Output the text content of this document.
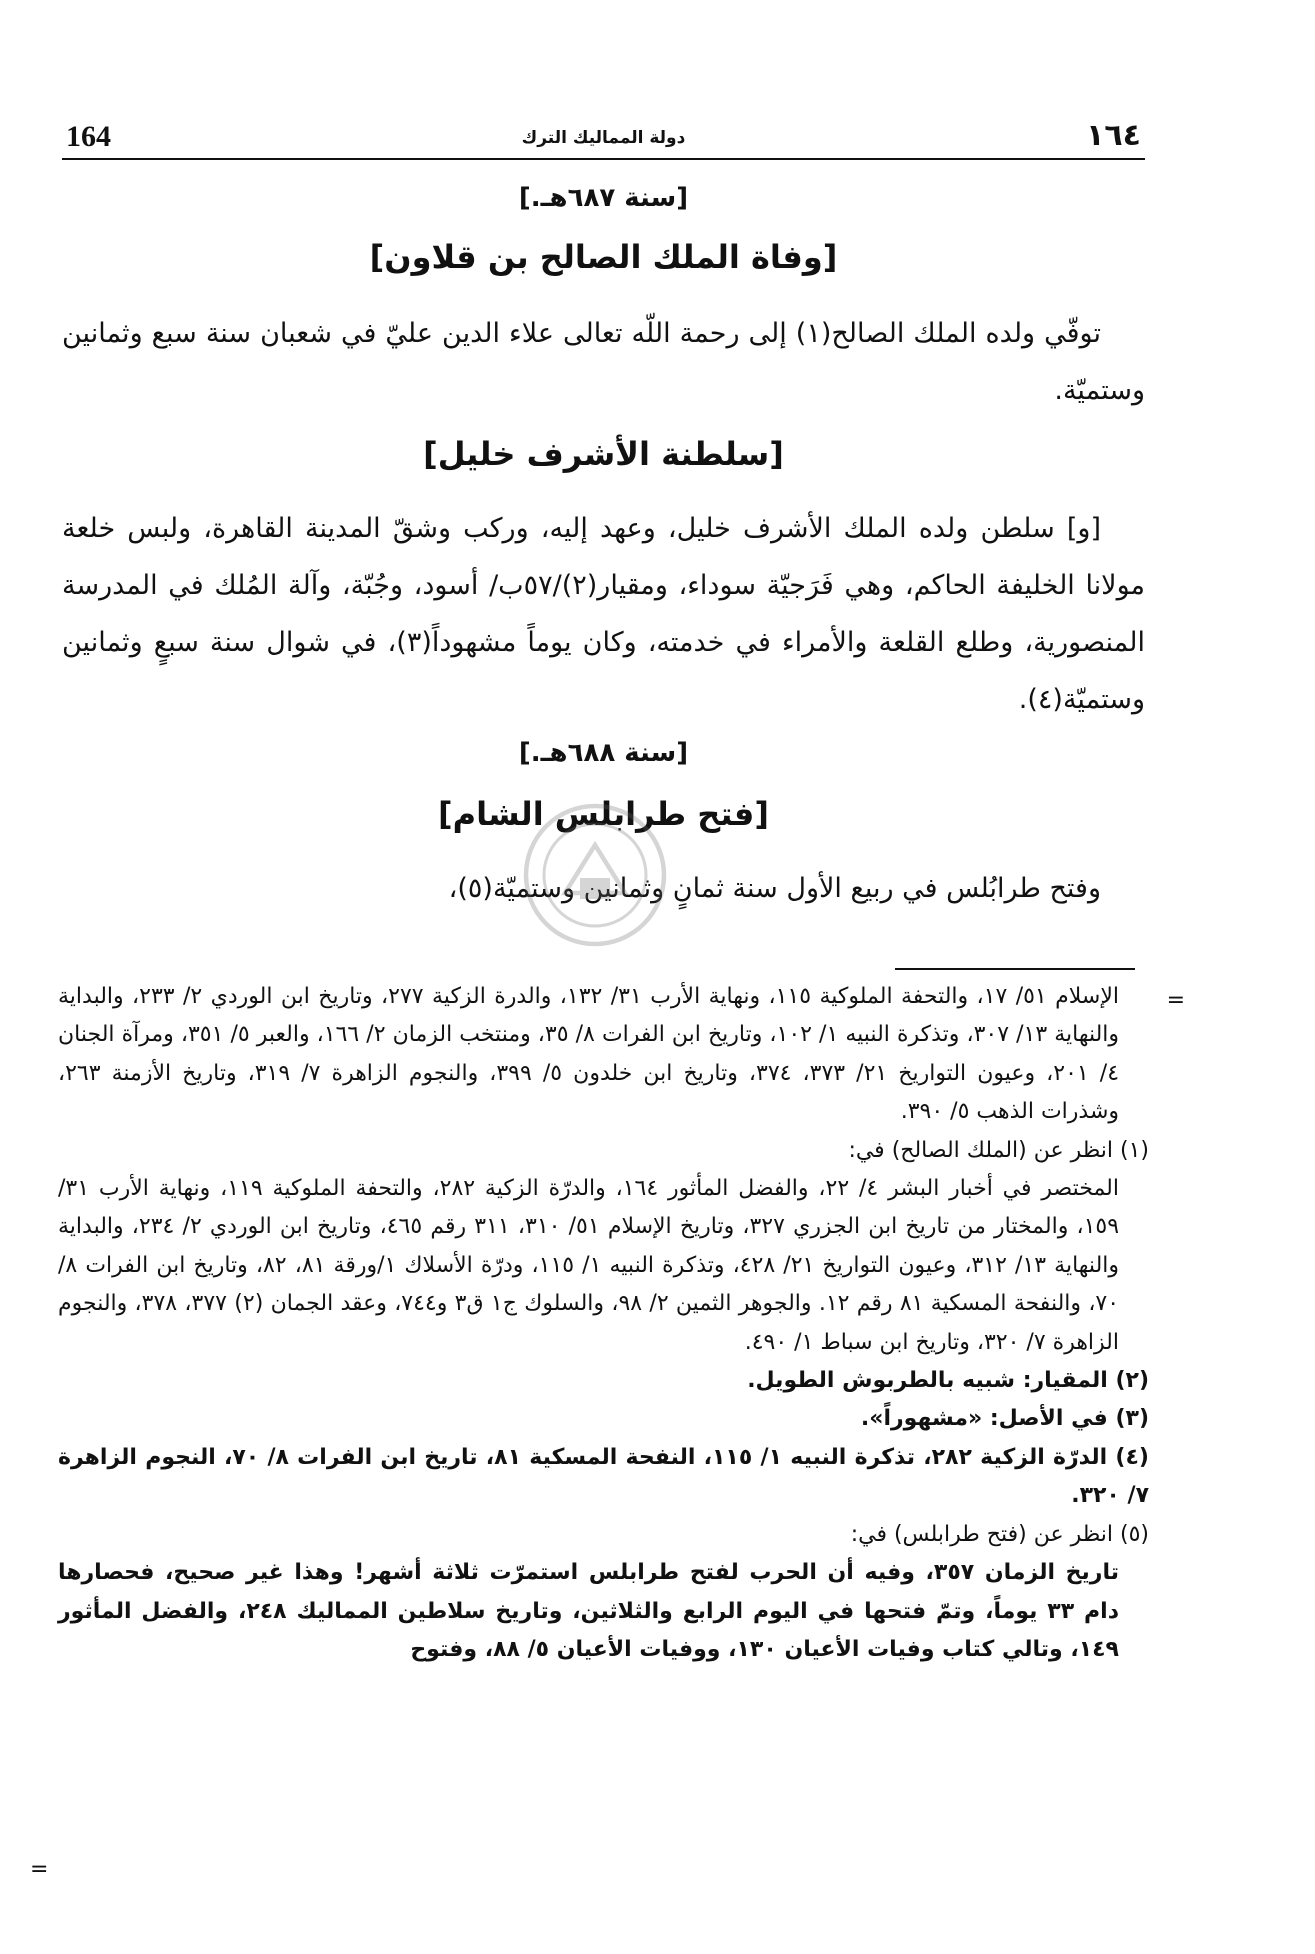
164	دولة المماليك الترك	١٦٤
[سنة ٦٨٧هـ.]
[وفاة الملك الصالح بن قلاون]
توفّي ولده الملك الصالح(١) إلى رحمة اللّه تعالى علاء الدين عليّ في شعبان سنة سبع وثمانين وستميّة.
[سلطنة الأشرف خليل]
[و] سلطن ولده الملك الأشرف خليل، وعهد إليه، وركب وشقّ المدينة القاهرة، ولبس خلعة مولانا الخليفة الحاكم، وهي فَرَجيّة سوداء، ومقيار(٢)/٥٧ب/ أسود، وجُبّة، وآلة المُلك في المدرسة المنصورية، وطلع القلعة والأمراء في خدمته، وكان يوماً مشهوداً(٣)، في شوال سنة سبعٍ وثمانين وستميّة(٤).
[سنة ٦٨٨هـ.]
[فتح طرابلس الشام]
وفتح طرابُلس في ربيع الأول سنة ثمانٍ وثمانين وستميّة(٥)،
=

الإسلام ٥١/ ١٧، والتحفة الملوكية ١١٥، ونهاية الأرب ٣١/ ١٣٢، والدرة الزكية ٢٧٧، وتاريخ ابن الوردي ٢/ ٢٣٣، والبداية والنهاية ١٣/ ٣٠٧، وتذكرة النبيه ١/ ١٠٢، وتاريخ ابن الفرات ٨/ ٣٥، ومنتخب الزمان ٢/ ١٦٦، والعبر ٥/ ٣٥١، ومرآة الجنان ٤/ ٢٠١، وعيون التواريخ ٢١/ ٣٧٣، ٣٧٤، وتاريخ ابن خلدون ٥/ ٣٩٩، والنجوم الزاهرة ٧/ ٣١٩، وتاريخ الأزمنة ٢٦٣، وشذرات الذهب ٥/ ٣٩٠.

(١) انظر عن (الملك الصالح) في:

المختصر في أخبار البشر ٤/ ٢٢، والفضل المأثور ١٦٤، والدرّة الزكية ٢٨٢، والتحفة الملوكية ١١٩، ونهاية الأرب ٣١/ ١٥٩، والمختار من تاريخ ابن الجزري ٣٢٧، وتاريخ الإسلام ٥١/ ٣١٠، ٣١١ رقم ٤٦٥، وتاريخ ابن الوردي ٢/ ٢٣٤، والبداية والنهاية ١٣/ ٣١٢، وعيون التواريخ ٢١/ ٤٢٨، وتذكرة النبيه ١/ ١١٥، ودرّة الأسلاك ١/ورقة ٨١، ٨٢، وتاريخ ابن الفرات ٨/ ٧٠، والنفحة المسكية ٨١ رقم ١٢. والجوهر الثمين ٢/ ٩٨، والسلوك ج١ ق٣ و٧٤٤، وعقد الجمان (٢) ٣٧٧، ٣٧٨، والنجوم الزاهرة ٧/ ٣٢٠، وتاريخ ابن سباط ١/ ٤٩٠.

(٢) المقيار: شبيه بالطربوش الطويل.

(٣) في الأصل: «مشهوراً».

(٤) الدرّة الزكية ٢٨٢، تذكرة النبيه ١/ ١١٥، النفحة المسكية ٨١، تاريخ ابن الفرات ٨/ ٧٠، النجوم الزاهرة ٧/ ٣٢٠.

(٥) انظر عن (فتح طرابلس) في:

تاريخ الزمان ٣٥٧، وفيه أن الحرب لفتح طرابلس استمرّت ثلاثة أشهر! وهذا غير صحيح، فحصارها دام ٣٣ يوماً، وتمّ فتحها في اليوم الرابع والثلاثين، وتاريخ سلاطين المماليك ٢٤٨، والفضل المأثور ١٤٩، وتالي كتاب وفيات الأعيان ١٣٠، ووفيات الأعيان ٥/ ٨٨، وفتوح

=
